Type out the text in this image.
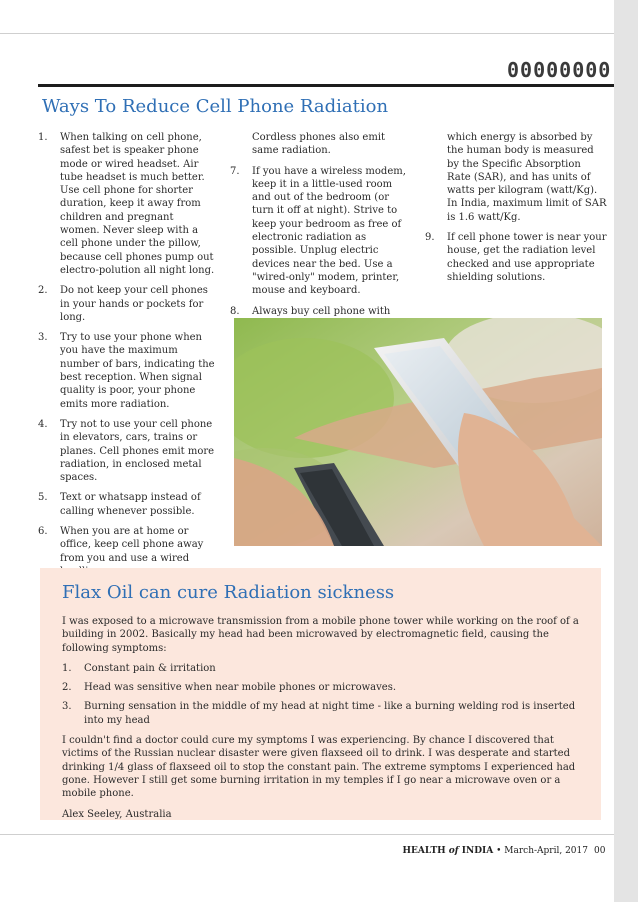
00000000
Ways To Reduce Cell Phone Radiation
1.	When talking on cell phone, safest bet is speaker phone mode or wired headset. Air tube headset is much better. Use cell phone for shorter duration, keep it away from children and pregnant women. Never sleep with a cell phone under the pillow, because cell phones pump out electro-polution all night long.
2.	Do not keep your cell phones in your hands or pockets for long.
3.	Try to use your phone when you have the maximum number of bars, indicating the best reception. When signal quality is poor, your phone emits more radiation.
4.	Try not to use your cell phone in elevators, cars, trains or planes. Cell phones emit more radiation, in enclosed metal spaces.
5.	Text or whatsapp instead of calling whenever possible.
6.	When you are at home or office, keep cell phone away from you and use a wired
Cordless phones also emit same radiation.
7.	If you have a wireless modem, keep it in a little-used room and out of the bedroom (or turn it off at night). Strive to keep your bedroom as free of electronic radiation as possible. Unplug electric devices near the bed. Use a "wired-only" modem, printer, mouse and keyboard.
8.	Always buy cell phone with
which energy is absorbed by the human body is measured by the Specific Absorption Rate (SAR), and has units of watts per kilogram (watt/Kg). In India, maximum limit of SAR is 1.6 watt/Kg.
9.	If cell phone tower is near your house, get the radiation level checked and use appropriate shielding solutions.
Flax Oil can cure Radiation sickness

I was exposed to a microwave transmission from a mobile phone tower while working on the roof of a building in 2002. Basically my head had been microwaved by electromagnetic field, causing the following symptoms:

1.	Constant pain & irritation
2.	Head was sensitive when near mobile phones or microwaves.
3.	Burning sensation in the middle of my head at night time - like a burning welding rod is inserted into my head

I couldn't find a doctor could cure my symptoms I was experiencing. By chance I discovered that victims of the Russian nuclear disaster were given flaxseed oil to drink. I was desperate and started drinking 1/4 glass of flaxseed oil to stop the constant pain. The extreme symptoms I experienced had gone. However I still get some burning irritation in my temples if I go near a microwave oven or a mobile phone.

Alex Seeley, Australia

HEALTH of INDIA • March-April, 2017 00
